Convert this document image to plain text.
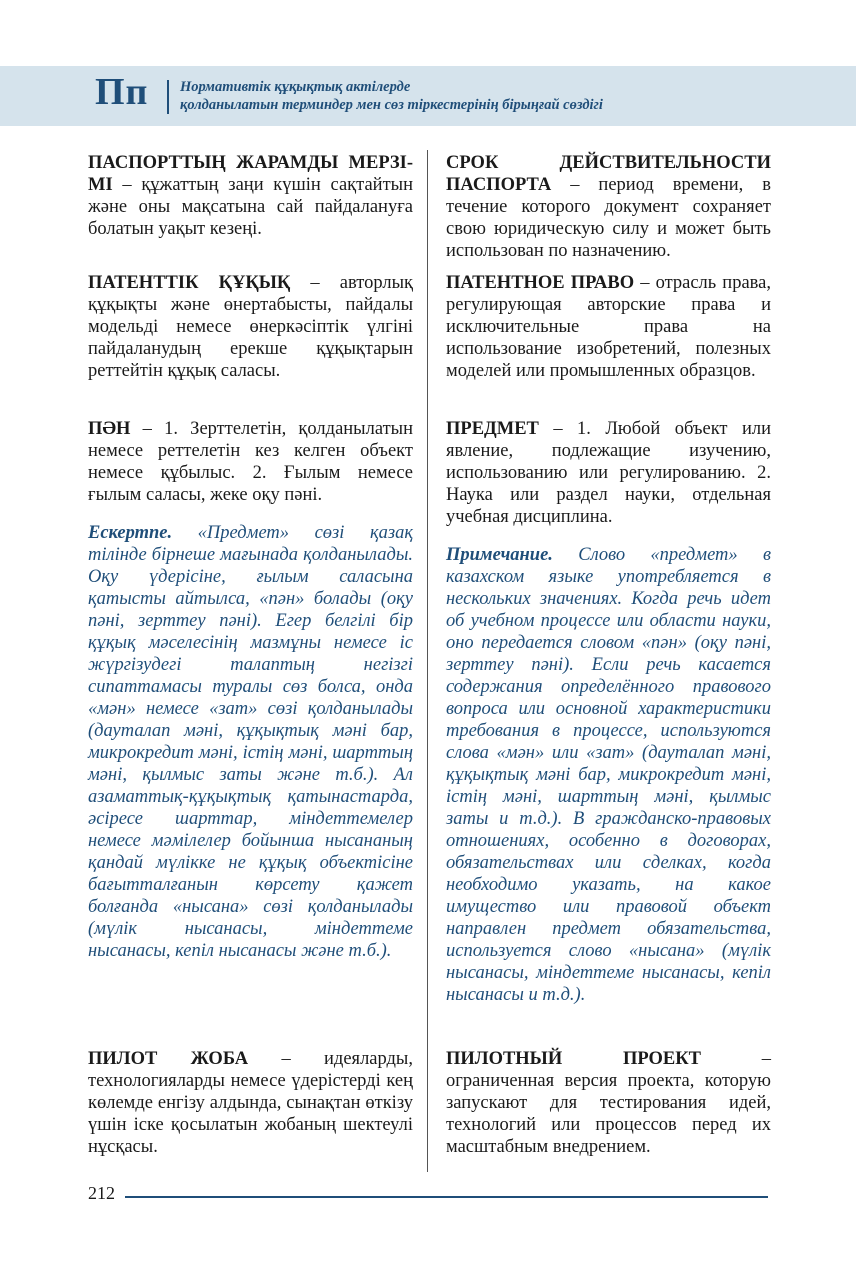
Пп Нормативтік құқықтық актілерде
қолданылатын терминдер мен сөз тіркестерінің бірыңғай сөздігі
ПАСПОРТТЫҢ ЖАРАМДЫ МЕРЗІ-МІ – құжаттың заңи күшін сақтайтын және оны мақсатына сай пайдалануға болатын уақыт кезеңі.
СРОК ДЕЙСТВИТЕЛЬНОСТИ ПАСПОРТА – период времени, в течение которого документ сохраняет свою юридическую силу и может быть использован по назначению.
ПАТЕНТТІК ҚҰҚЫҚ – авторлық құқықты және өнертабысты, пайдалы модельді немесе өнеркәсіптік үлгіні пайдаланудың ерекше құқықтарын реттейтін құқық саласы.
ПАТЕНТНОЕ ПРАВО – отрасль права, регулирующая авторские права и исключительные права на использование изобретений, полезных моделей или промышленных образцов.
ПӘН – 1. Зерттелетін, қолданылатын немесе реттелетін кез келген объект немесе құбылыс. 2. Ғылым немесе ғылым саласы, жеке оқу пәні.
ПРЕДМЕТ – 1. Любой объект или явление, подлежащие изучению, использованию или регулированию. 2. Наука или раздел науки, отдельная учебная дисциплина.
Ескертпе. «Предмет» сөзі қазақ тілінде бірнеше мағынада қолданылады. Оқу үдерісіне, ғылым саласына қатысты айтылса, «пән» болады (оқу пәні, зерттеу пәні). Егер белгілі бір құқық мәселесінің мазмұны немесе іс жүргізудегі талаптың негізгі сипаттамасы туралы сөз болса, онда «мән» немесе «зат» сөзі қолданылады (дауталап мәні, құқықтық мәні бар, микрокредит мәні, істің мәні, шарттың мәні, қылмыс заты және т.б.). Ал азаматтық-құқықтық қатынастарда, әсіресе шарттар, міндеттемелер немесе мәмілелер бойынша нысананың қандай мүлікке не құқық объектісіне бағытталғанын көрсету қажет болғанда «нысана» сөзі қолданылады (мүлік нысанасы, міндеттеме нысанасы, кепіл нысанасы және т.б.).
Примечание. Слово «предмет» в казахском языке употребляется в нескольких значениях. Когда речь идет об учебном процессе или области науки, оно передается словом «пән» (оқу пәні, зерттеу пәні). Если речь касается содержания определённого правового вопроса или основной характеристики требования в процессе, используются слова «мән» или «зат» (дауталап мәні, құқықтық мәні бар, микрокредит мәні, істің мәні, шарттың мәні, қылмыс заты и т.д.). В гражданско-правовых отношениях, особенно в договорах, обязательствах или сделках, когда необходимо указать, на какое имущество или правовой объект направлен предмет обязательства, используется слово «нысана» (мүлік нысанасы, міндеттеме нысанасы, кепіл нысанасы и т.д.).
ПИЛОТ ЖОБА – идеяларды, технологияларды немесе үдерістерді кең көлемде енгізу алдында, сынақтан өткізу үшін іске қосылатын жобаның шектеулі нұсқасы.
ПИЛОТНЫЙ ПРОЕКТ – ограниченная версия проекта, которую запускают для тестирования идей, технологий или процессов перед их масштабным внедрением.
212
